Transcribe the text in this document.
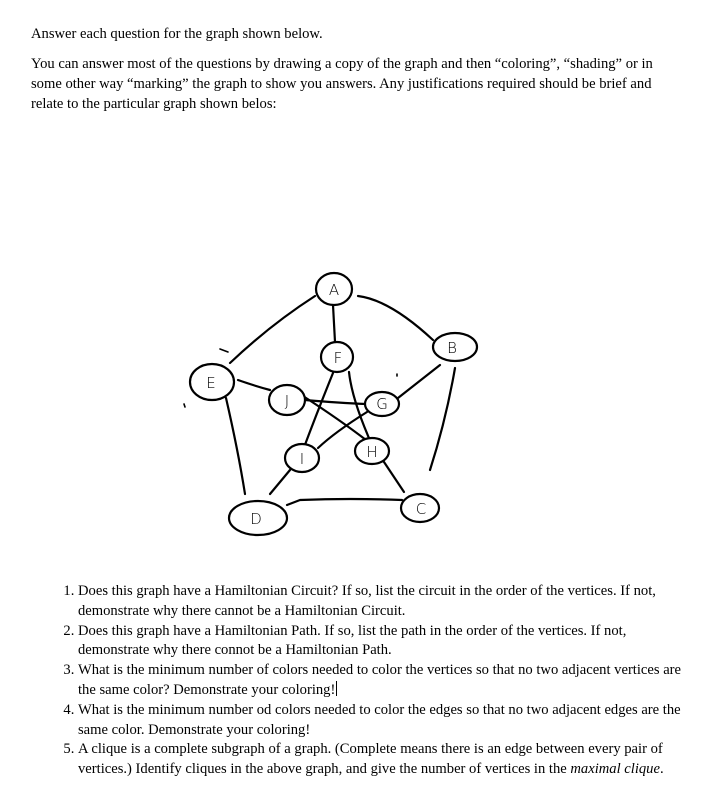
Answer each question for the graph shown below.

You can answer most of the questions by drawing a copy of the graph and then “coloring”, “shading” or in some other way “marking” the graph to show you answers. Any justifications required should be brief and relate to the particular graph shown belos:

A
B
C
D
E
F
G
H
I
J
1. Does this graph have a Hamiltonian Circuit? If so, list the circuit in the order of the vertices. If not, demonstrate why there cannot be a Hamiltonian Circuit.
2. Does this graph have a Hamiltonian Path. If so, list the path in the order of the vertices. If not, demonstrate why there connot be a Hamiltonian Path.
3. What is the minimum number of colors needed to color the vertices so that no two adjacent vertices are the same color? Demonstrate your coloring!
4. What is the minimum number od colors needed to color the edges so that no two adjacent edges are the same color. Demonstrate your coloring!
5. A clique is a complete subgraph of a graph. (Complete means there is an edge between every pair of vertices.) Identify cliques in the above graph, and give the number of vertices in the maximal clique.
